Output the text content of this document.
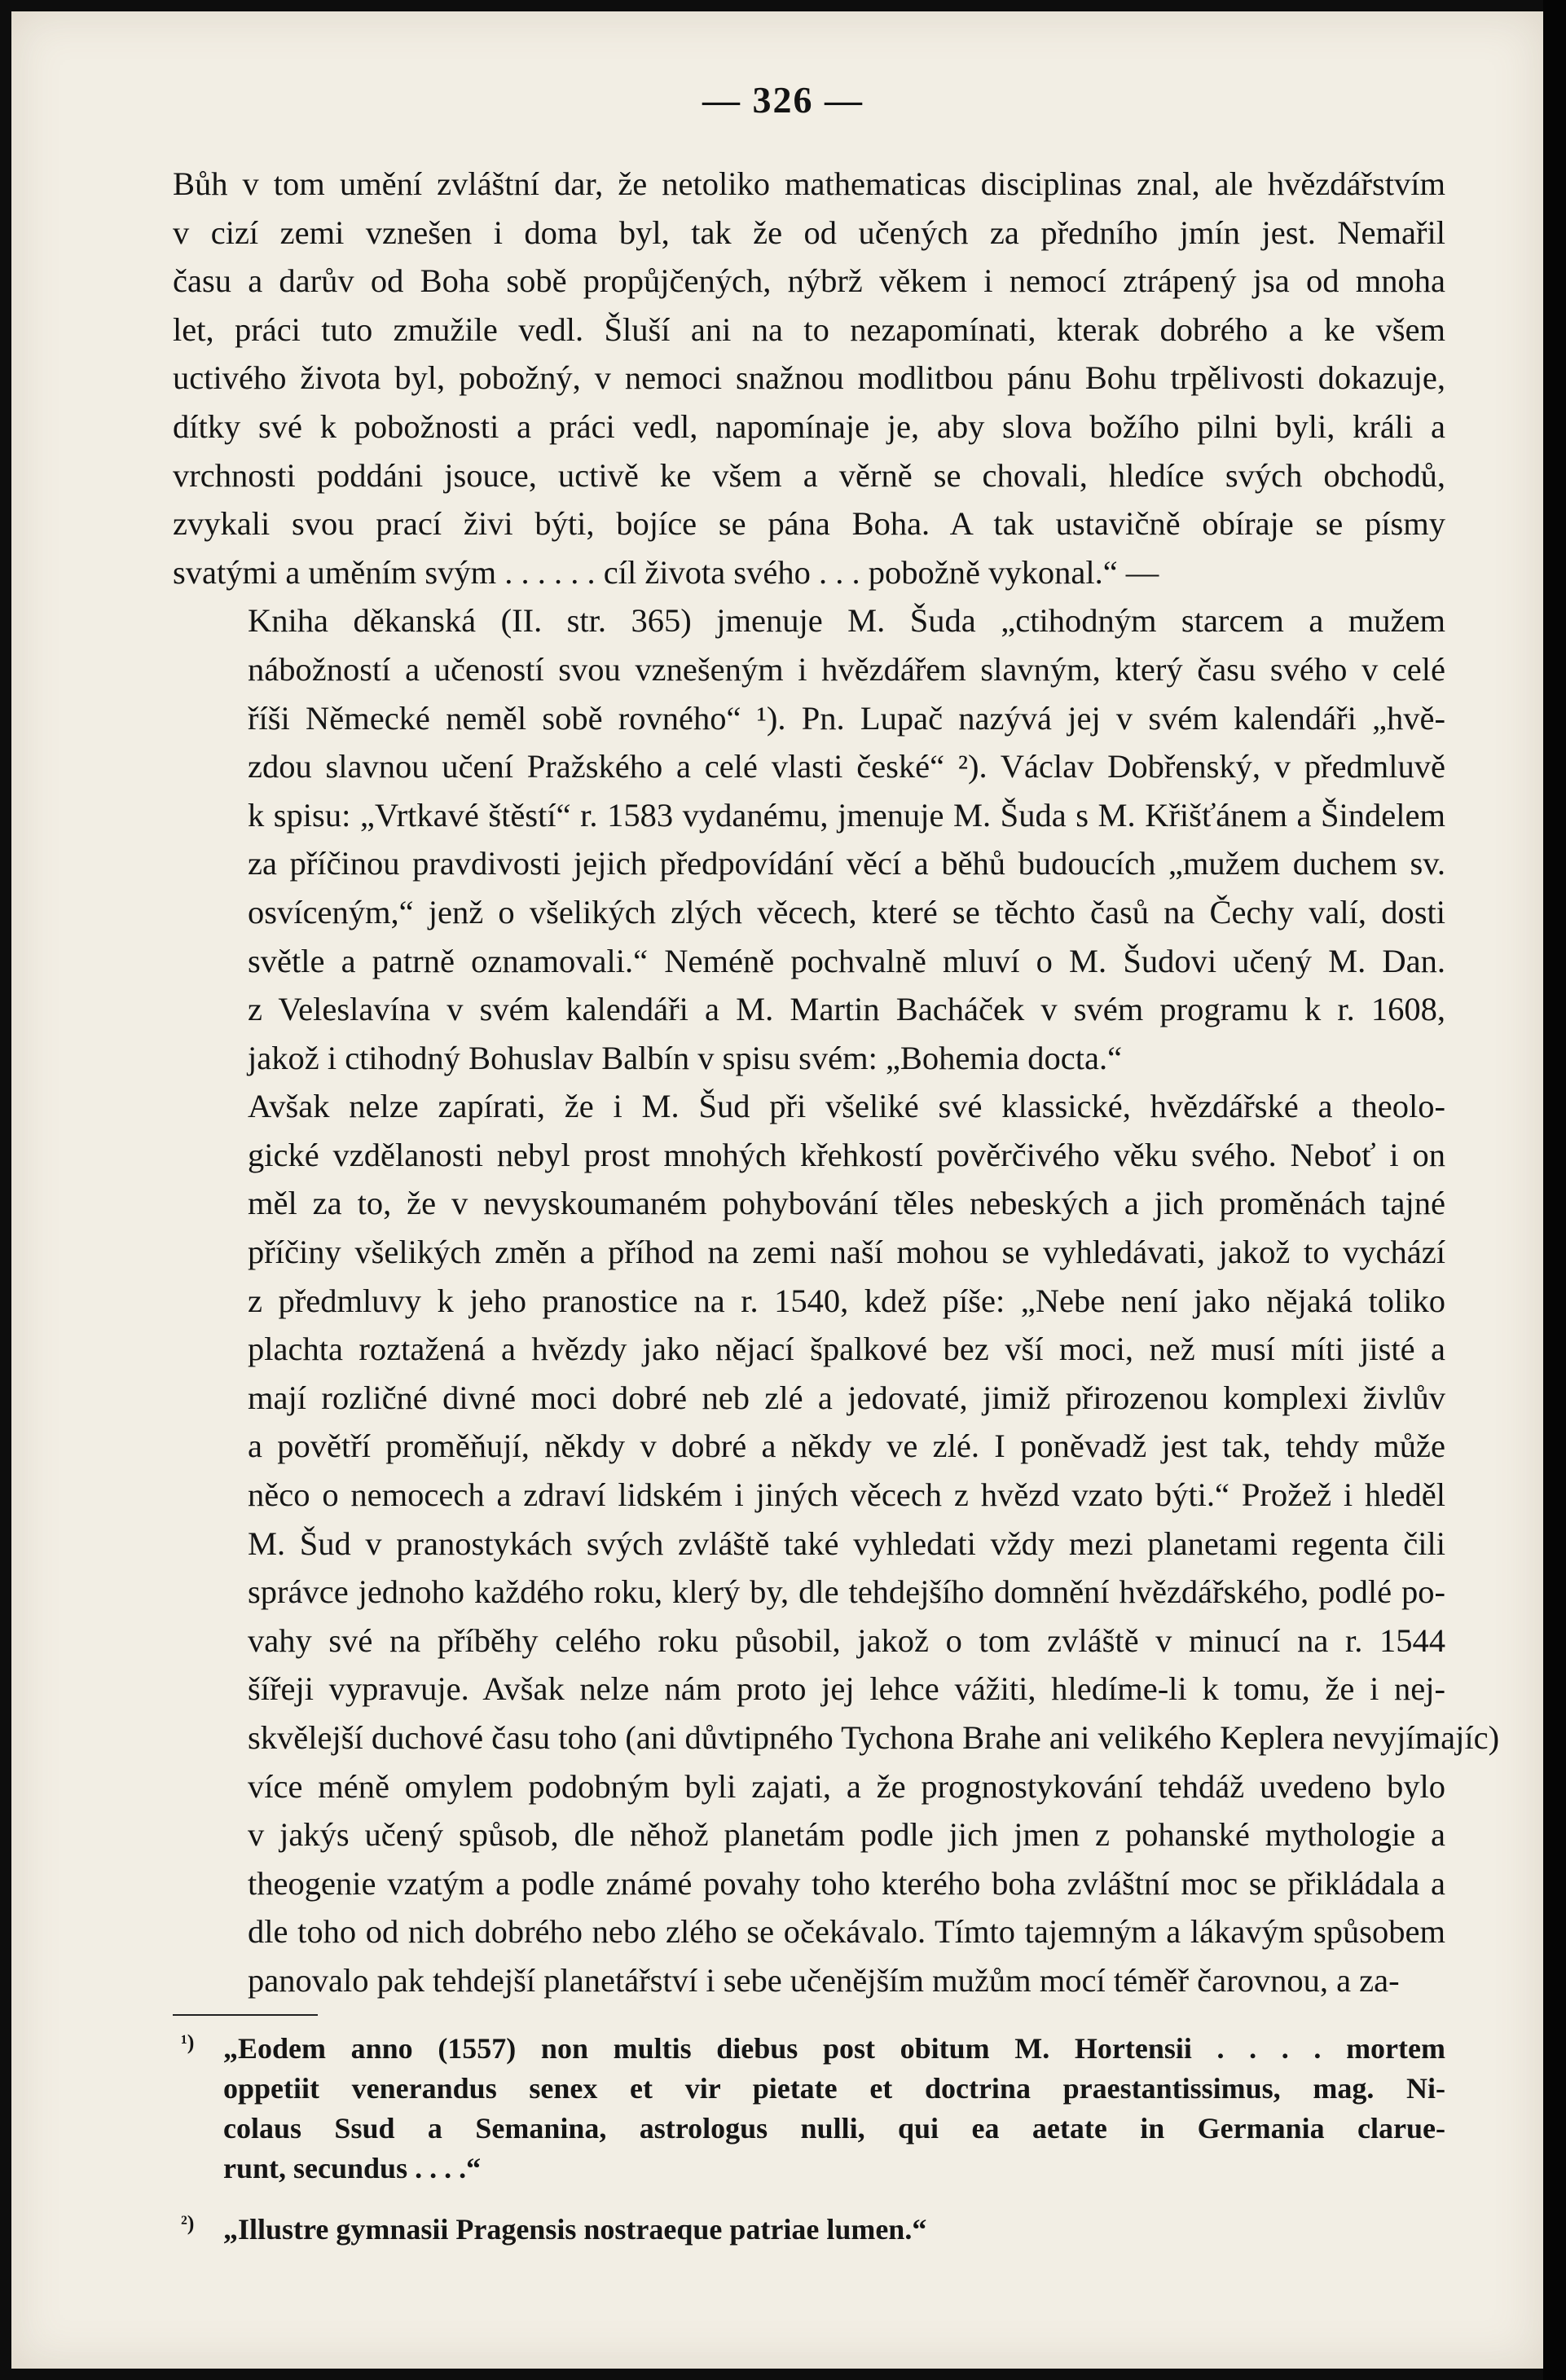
— 326 —

Bůh v tom umění zvláštní dar, že netoliko mathematicas disciplinas znal, ale hvězdářstvím
v cizí zemi vznešen i doma byl, tak že od učených za předního jmín jest. Nemařil
času a darův od Boha sobě propůjčených, nýbrž věkem i nemocí ztrápený jsa od mnoha
let, práci tuto zmužile vedl. Šluší ani na to nezapomínati, kterak dobrého a ke všem
uctivého života byl, pobožný, v nemoci snažnou modlitbou pánu Bohu trpělivosti dokazuje,
dítky své k pobožnosti a práci vedl, napomínaje je, aby slova božího pilni byli, králi a
vrchnosti poddáni jsouce, uctivě ke všem a věrně se chovali, hledíce svých obchodů,
zvykali svou prací živi býti, bojíce se pána Boha. A tak ustavičně obíraje se písmy
svatými a uměním svým . . . . . . cíl života svého . . . pobožně vykonal.“ —

Kniha děkanská (II. str. 365) jmenuje M. Šuda „ctihodným starcem a mužem
nábožností a učeností svou vznešeným i hvězdářem slavným, který času svého v celé
říši Německé neměl sobě rovného“ ¹). Pn. Lupač nazývá jej v svém kalendáři „hvě-
zdou slavnou učení Pražského a celé vlasti české“ ²). Václav Dobřenský, v předmluvě
k spisu: „Vrtkavé štěstí“ r. 1583 vydanému, jmenuje M. Šuda s M. Křišťánem a Šindelem
za příčinou pravdivosti jejich předpovídání věcí a běhů budoucích „mužem duchem sv.
osvíceným,“ jenž o všelikých zlých věcech, které se těchto časů na Čechy valí, dosti
světle a patrně oznamovali.“ Neméně pochvalně mluví o M. Šudovi učený M. Dan.
z Veleslavína v svém kalendáři a M. Martin Bacháček v svém programu k r. 1608,
jakož i ctihodný Bohuslav Balbín v spisu svém: „Bohemia docta.“

Avšak nelze zapírati, že i M. Šud při všeliké své klassické, hvězdářské a theolo-
gické vzdělanosti nebyl prost mnohých křehkostí pověrčivého věku svého. Neboť i on
měl za to, že v nevyskoumaném pohybování těles nebeských a jich proměnách tajné
příčiny všelikých změn a příhod na zemi naší mohou se vyhledávati, jakož to vychází
z předmluvy k jeho pranostice na r. 1540, kdež píše: „Nebe není jako nějaká toliko
plachta roztažená a hvězdy jako nějací špalkové bez vší moci, než musí míti jisté a
mají rozličné divné moci dobré neb zlé a jedovaté, jimiž přirozenou komplexi živlův
a povětří proměňují, někdy v dobré a někdy ve zlé. I poněvadž jest tak, tehdy může
něco o nemocech a zdraví lidském i jiných věcech z hvězd vzato býti.“ Prožež i hleděl
M. Šud v pranostykách svých zvláště také vyhledati vždy mezi planetami regenta čili
správce jednoho každého roku, klerý by, dle tehdejšího domnění hvězdářského, podlé po-
vahy své na příběhy celého roku působil, jakož o tom zvláště v minucí na r. 1544
šířeji vypravuje. Avšak nelze nám proto jej lehce vážiti, hledíme-li k tomu, že i nej-
skvělejší duchové času toho (ani důvtipného Tychona Brahe ani velikého Keplera nevyjímajíc)
více méně omylem podobným byli zajati, a že prognostykování tehdáž uvedeno bylo
v jakýs učený spůsob, dle něhož planetám podle jich jmen z pohanské mythologie a
theogenie vzatým a podle známé povahy toho kterého boha zvláštní moc se přikládala a
dle toho od nich dobrého nebo zlého se očekávalo. Tímto tajemným a lákavým spůsobem
panovalo pak tehdejší planetářství i sebe učenějším mužům mocí téměř čarovnou, a za-

¹) „Eodem anno (1557) non multis diebus post obitum M. Hortensii . . . . mortem
oppetiit venerandus senex et vir pietate et doctrina praestantissimus, mag. Ni-
colaus Ssud a Semanina, astrologus nulli, qui ea aetate in Germania clarue-
runt, secundus . . . .“
²) „Illustre gymnasii Pragensis nostraeque patriae lumen.“
